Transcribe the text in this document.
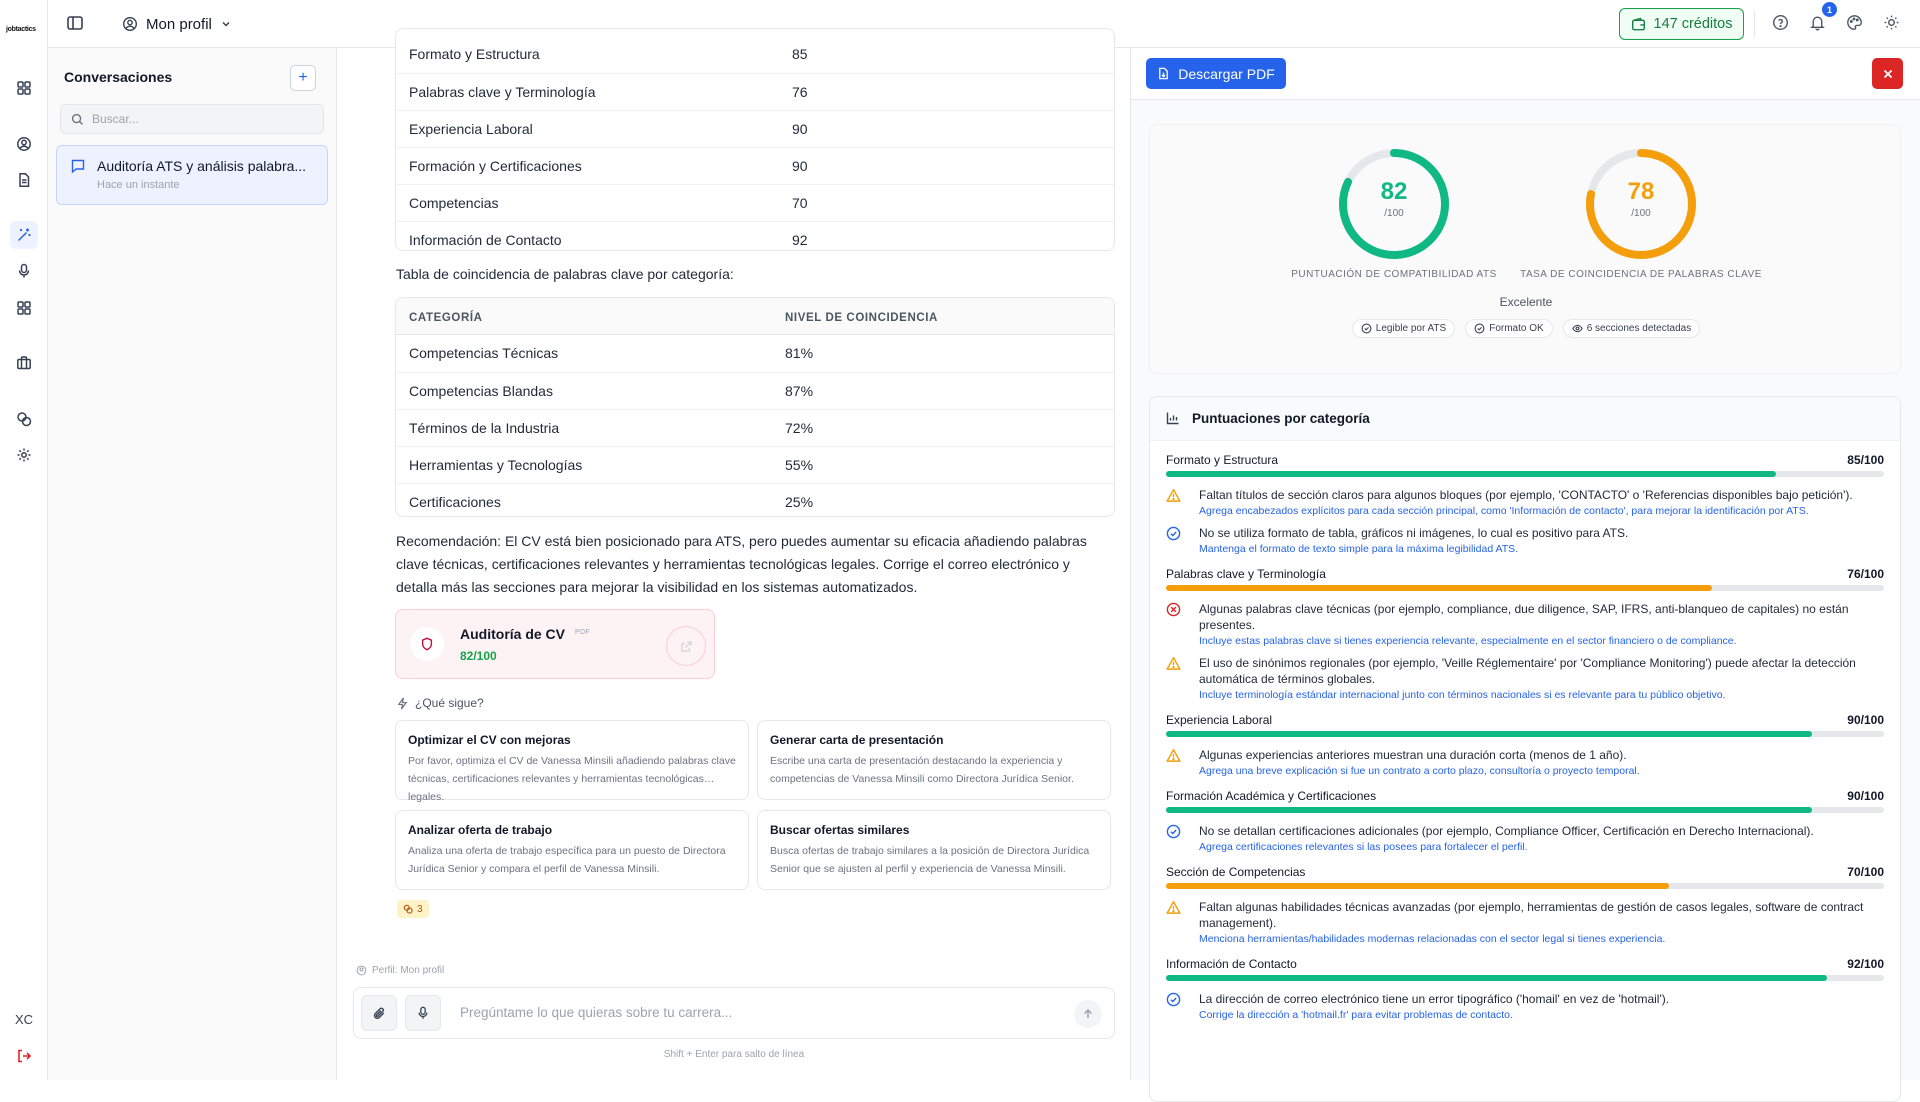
jobtactics
XC
Mon profil	147 créditos
1
Conversaciones	+
Buscar...
Auditoría ATS y análisis palabra...
Hace un instante
Formato y Estructura	85
Palabras clave y Terminología	76
Experiencia Laboral	90
Formación y Certificaciones	90
Competencias	70
Información de Contacto	92
Tabla de coincidencia de palabras clave por categoría:
CATEGORÍA	NIVEL DE COINCIDENCIA
Competencias Técnicas	81%
Competencias Blandas	87%
Términos de la Industria	72%
Herramientas y Tecnologías	55%
Certificaciones	25%
Recomendación: El CV está bien posicionado para ATS, pero puedes aumentar su eficacia añadiendo palabras
clave técnicas, certificaciones relevantes y herramientas tecnológicas legales. Corrige el correo electrónico y
detalla más las secciones para mejorar la visibilidad en los sistemas automatizados.
Auditoría de CV PDF
82/100
¿Qué sigue?
Optimizar el CV con mejoras
Por favor, optimiza el CV de Vanessa Minsili añadiendo palabras clave técnicas, certificaciones relevantes y herramientas tecnológicas legales.
Generar carta de presentación
Escribe una carta de presentación destacando la experiencia y competencias de Vanessa Minsili como Directora Jurídica Senior.
Analizar oferta de trabajo
Analiza una oferta de trabajo específica para un puesto de Directora Jurídica Senior y compara el perfil de Vanessa Minsili.
Buscar ofertas similares
Busca ofertas de trabajo similares a la posición de Directora Jurídica Senior que se ajusten al perfil y experiencia de Vanessa Minsili.
3
Perfil: Mon profil
Pregúntame lo que quieras sobre tu carrera...
Shift + Enter para salto de línea
Descargar PDF
82
/100
PUNTUACIÓN DE COMPATIBILIDAD ATS
78
/100
TASA DE COINCIDENCIA DE PALABRAS CLAVE
Excelente
Legible por ATS	Formato OK	6 secciones detectadas
Puntuaciones por categoría
Formato y Estructura	85/100
Faltan títulos de sección claros para algunos bloques (por ejemplo, 'CONTACTO' o 'Referencias disponibles bajo petición').
Agrega encabezados explícitos para cada sección principal, como 'Información de contacto', para mejorar la identificación por ATS.
No se utiliza formato de tabla, gráficos ni imágenes, lo cual es positivo para ATS.
Mantenga el formato de texto simple para la máxima legibilidad ATS.
Palabras clave y Terminología	76/100
Algunas palabras clave técnicas (por ejemplo, compliance, due diligence, SAP, IFRS, anti-blanqueo de capitales) no están
presentes.
Incluye estas palabras clave si tienes experiencia relevante, especialmente en el sector financiero o de compliance.
El uso de sinónimos regionales (por ejemplo, 'Veille Réglementaire' por 'Compliance Monitoring') puede afectar la detección
automática de términos globales.
Incluye terminología estándar internacional junto con términos nacionales si es relevante para tu público objetivo.
Experiencia Laboral	90/100
Algunas experiencias anteriores muestran una duración corta (menos de 1 año).
Agrega una breve explicación si fue un contrato a corto plazo, consultoría o proyecto temporal.
Formación Académica y Certificaciones	90/100
No se detallan certificaciones adicionales (por ejemplo, Compliance Officer, Certificación en Derecho Internacional).
Agrega certificaciones relevantes si las posees para fortalecer el perfil.
Sección de Competencias	70/100
Faltan algunas habilidades técnicas avanzadas (por ejemplo, herramientas de gestión de casos legales, software de contract
management).
Menciona herramientas/habilidades modernas relacionadas con el sector legal si tienes experiencia.
Información de Contacto	92/100
La dirección de correo electrónico tiene un error tipográfico ('homail' en vez de 'hotmail').
Corrige la dirección a 'hotmail.fr' para evitar problemas de contacto.
